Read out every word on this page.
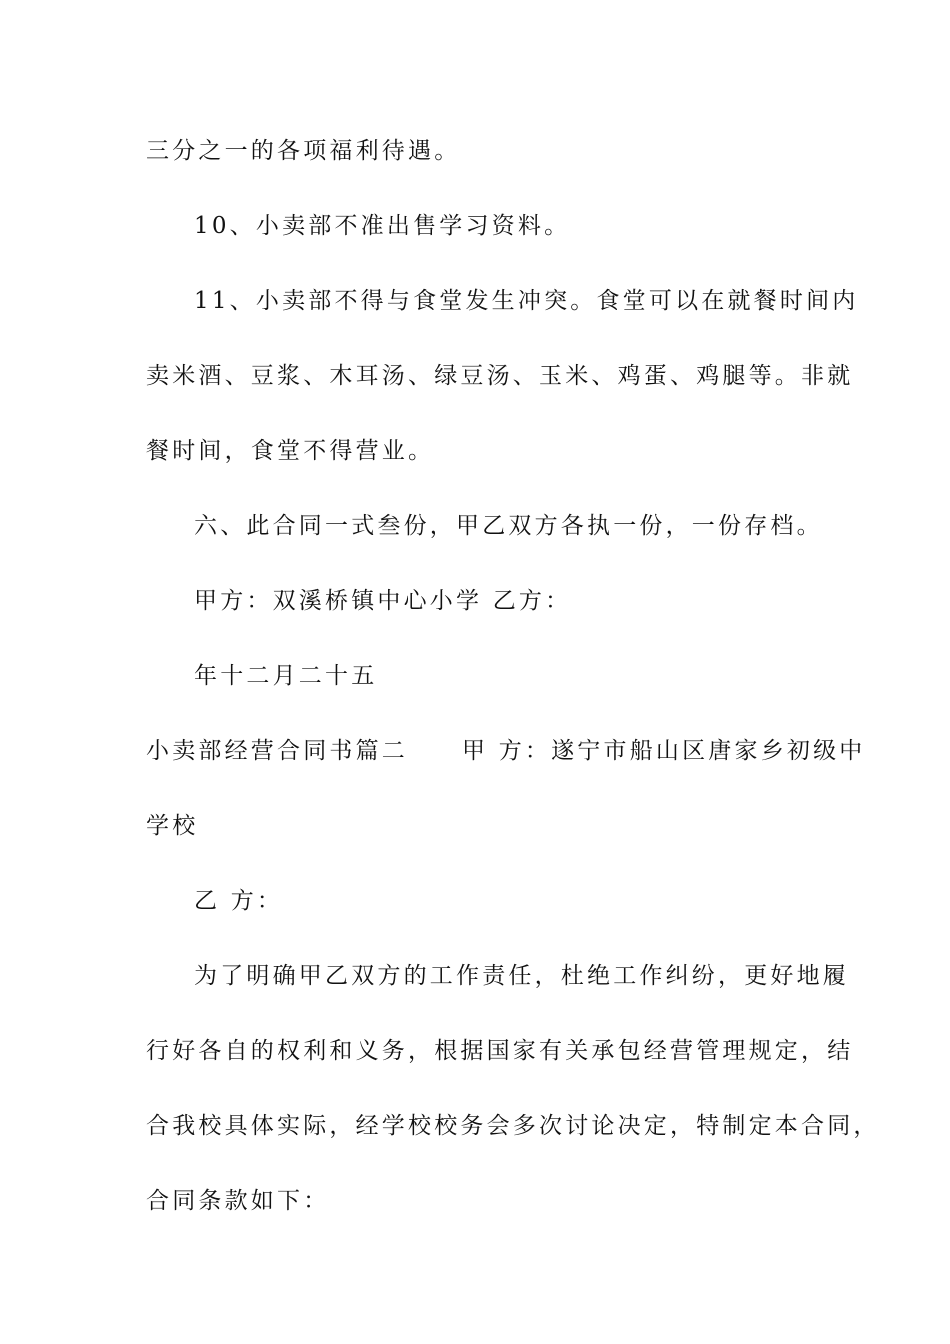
三分之一的各项福利待遇。
10、小卖部不准出售学习资料。
11、小卖部不得与食堂发生冲突。食堂可以在就餐时间内
卖米酒、豆浆、木耳汤、绿豆汤、玉米、鸡蛋、鸡腿等。非就
餐时间，食堂不得营业。
六、此合同一式叁份，甲乙双方各执一份，一份存档。
甲方：双溪桥镇中心小学 乙方：
年十二月二十五
小卖部经营合同书篇二 甲 方：遂宁市船山区唐家乡初级中
学校
乙 方：
为了明确甲乙双方的工作责任，杜绝工作纠纷，更好地履
行好各自的权利和义务，根据国家有关承包经营管理规定，结
合我校具体实际，经学校校务会多次讨论决定，特制定本合同，
合同条款如下：
